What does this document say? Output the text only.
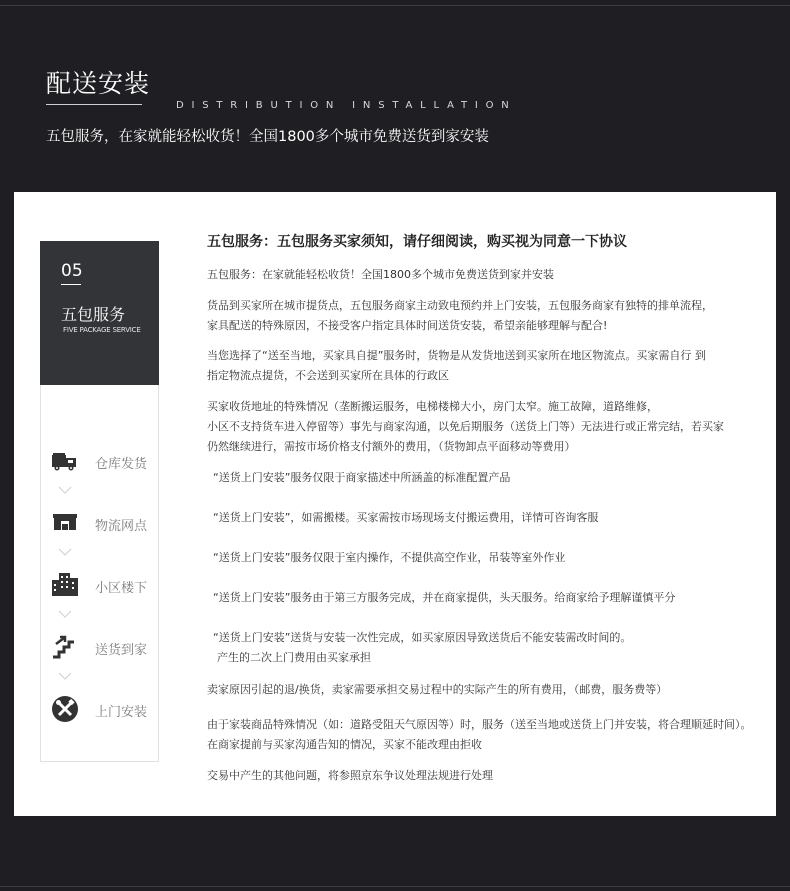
配送安装
DISTRIBUTION INSTALLATION
五包服务，在家就能轻松收货！全国1800多个城市免费送货到家安装
05
五包服务
FIVE PACKAGE SERVICE
仓库发货
物流网点
小区楼下
送货到家
上门安装
五包服务：五包服务买家须知，请仔细阅读，购买视为同意一下协议
五包服务：在家就能轻松收货！全国1800多个城市免费送货到家并安装
货品到买家所在城市提货点，五包服务商家主动致电预约并上门安装，五包服务商家有独特的排单流程，
家具配送的特殊原因，不接受客户指定具体时间送货安装，希望亲能够理解与配合!
当您选择了“送至当地，买家具自提”服务时，货物是从发货地送到买家所在地区物流点。买家需自行 到
指定物流点提货，不会送到买家所在具体的行政区
买家收货地址的特殊情况（垄断搬运服务，电梯楼梯大小，房门太窄。施工故障，道路维修，
小区不支持货车进入停留等）事先与商家沟通，以免后期服务（送货上门等）无法进行或正常完结，若买家
仍然继续进行，需按市场价格支付额外的费用，（货物卸点平面移动等费用）
“送货上门安装”服务仅限于商家描述中所涵盖的标准配置产品
“送货上门安装”，如需搬楼。买家需按市场现场支付搬运费用，详情可咨询客服
“送货上门安装”服务仅限于室内操作，不提供高空作业，吊装等室外作业
“送货上门安装”服务由于第三方服务完成，并在商家提供，头天服务。给商家给予理解谨慎平分
“送货上门安装”送货与安装一次性完成，如买家原因导致送货后不能安装需改时间的。
产生的二次上门费用由买家承担
卖家原因引起的退/换货，卖家需要承担交易过程中的实际产生的所有费用，（邮费，服务费等）
由于家装商品特殊情况（如：道路受阻天气原因等）时，服务（送至当地或送货上门并安装，将合理顺延时间）。
在商家提前与买家沟通告知的情况，买家不能改理由拒收
交易中产生的其他问题，将参照京东争议处理法规进行处理
